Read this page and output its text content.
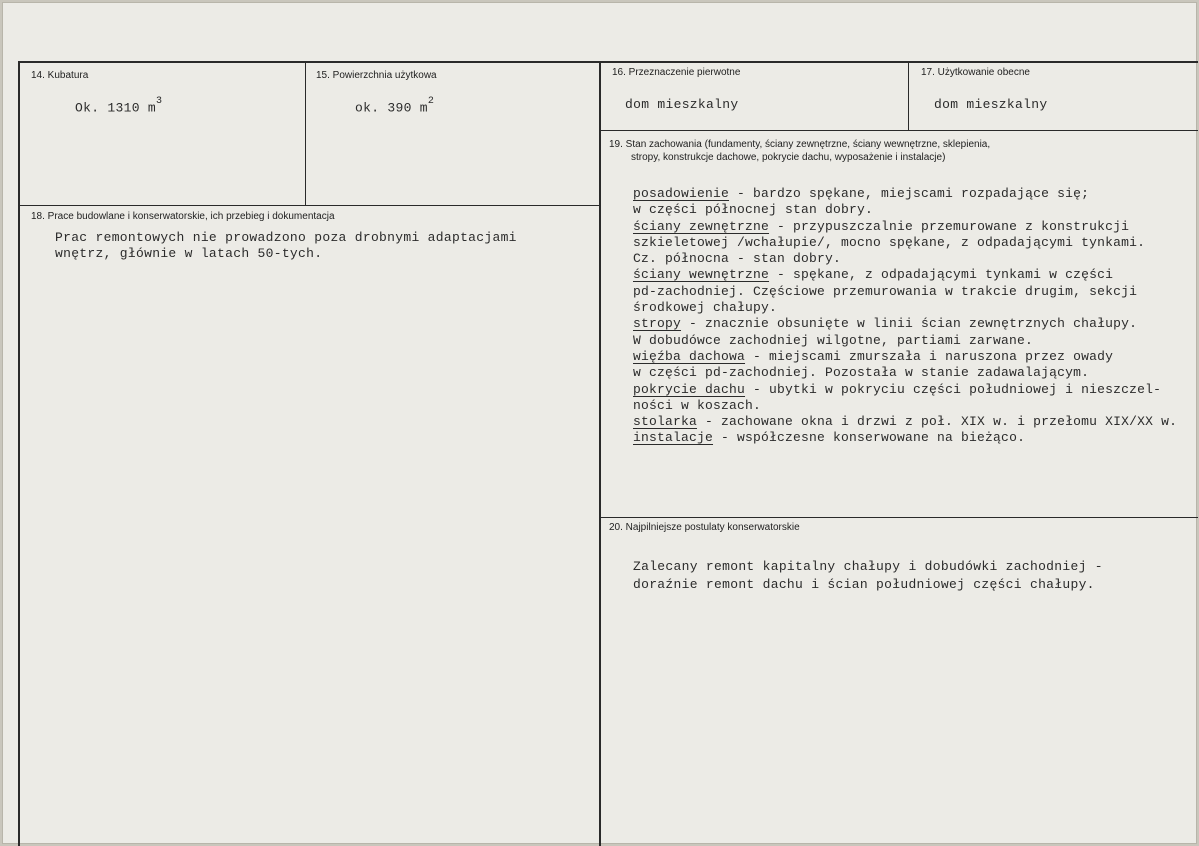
14. Kubatura
Ok. 1310 $m^3$
15. Powierzchnia użytkowa
ok. 390 $m^2$
16. Przeznaczenie pierwotne
dom mieszkalny
17. Użytkowanie obecne
dom mieszkalny
18. Prace budowlane i konserwatorskie, ich przebieg i dokumentacja
Prac remontowych nie prowadzono poza drobnymi adaptacjami
wnętrz, głównie w latach 50-tych.
19. Stan zachowania (fundamenty, ściany zewnętrzne, ściany wewnętrzne, sklepienia,
stropy, konstrukcje dachowe, pokrycie dachu, wyposażenie i instalacje)
posadowienie - bardzo spękane, miejscami rozpadające się;
w części północnej stan dobry.
ściany zewnętrzne - przypuszczalnie przemurowane z konstrukcji
szkieletowej /wchałupie/, mocno spękane, z odpadającymi tynkami.
Cz. północna - stan dobry.
ściany wewnętrzne - spękane, z odpadającymi tynkami w części
pd-zachodniej. Częściowe przemurowania w trakcie drugim, sekcji
środkowej chałupy.
stropy - znacznie obsunięte w linii ścian zewnętrznych chałupy.
W dobudówce zachodniej wilgotne, partiami zarwane.
więźba dachowa - miejscami zmurszała i naruszona przez owady
w części pd-zachodniej. Pozostała w stanie zadawalającym.
pokrycie dachu - ubytki w pokryciu części południowej i nieszczel-
ności w koszach.
stolarka - zachowane okna i drzwi z poł. XIX w. i przełomu XIX/XX w.
instalacje - współczesne konserwowane na bieżąco.
20. Najpilniejsze postulaty konserwatorskie
Zalecany remont kapitalny chałupy i dobudówki zachodniej -
doraźnie remont dachu i ścian południowej części chałupy.
